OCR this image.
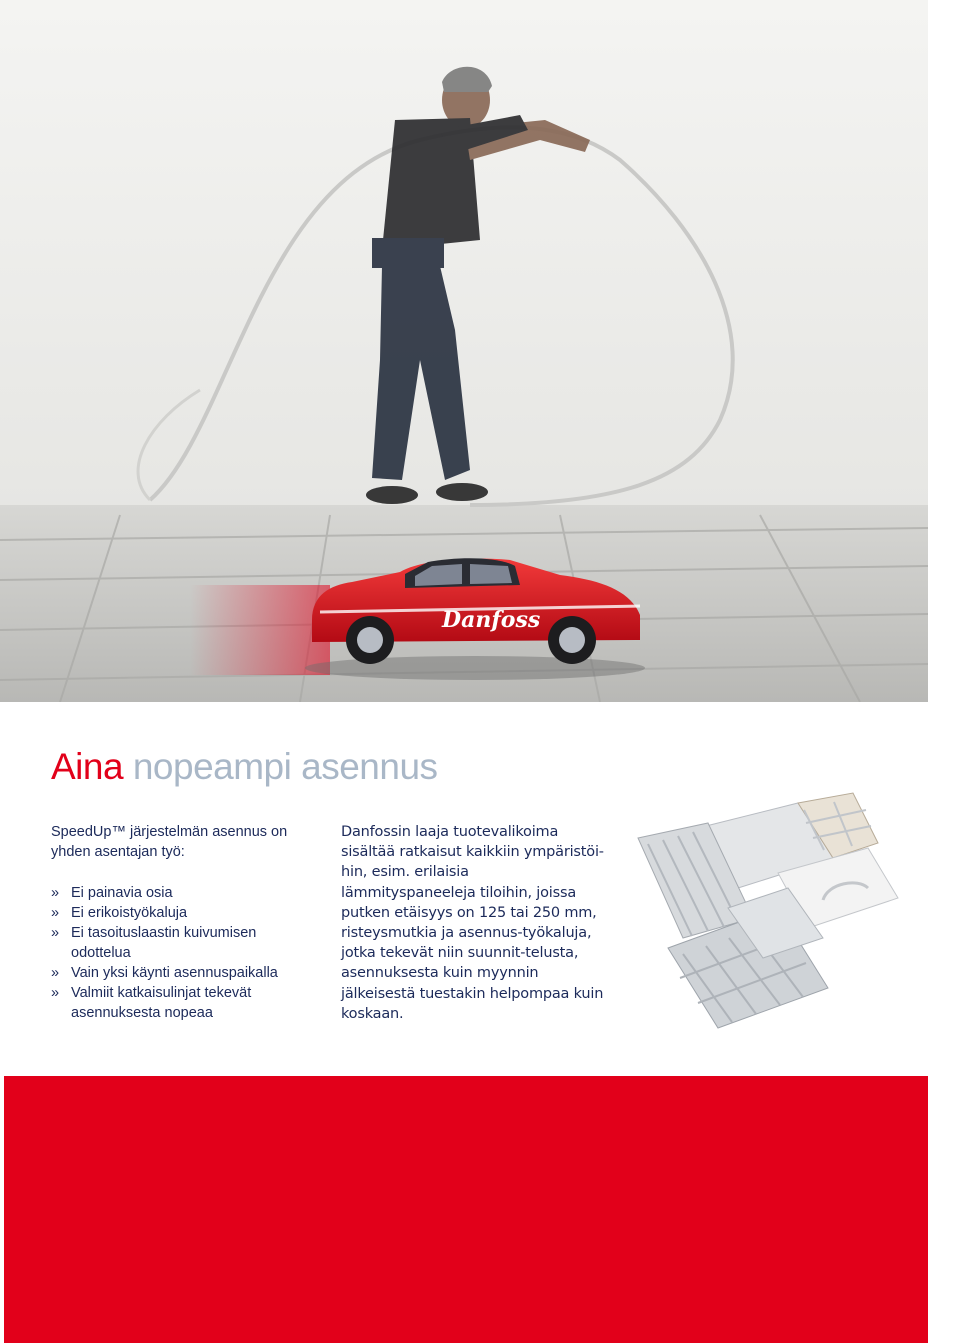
Danfoss
Aina nopeampi asennus

SpeedUp™ järjestelmän asennus on yhden asentajan työ:

» Ei painavia osia
» Ei erikoistyökaluja
» Ei tasoituslaastin kuivumisen odottelua
» Vain yksi käynti asennuspaikalla
» Valmiit katkaisulinjat tekevät asennuksesta nopeaa

Danfossin laaja tuotevalikoima sisältää ratkaisut kaikkiin ympäristöi-hin, esim. erilaisia lämmityspaneeleja tiloihin, joissa putken etäisyys on 125 tai 250 mm, risteysmutkia ja asennus-työkaluja, jotka tekevät niin suunnit-telusta, asennuksesta kuin myynnin jälkeisestä tuestakin helpompaa kuin koskaan.
